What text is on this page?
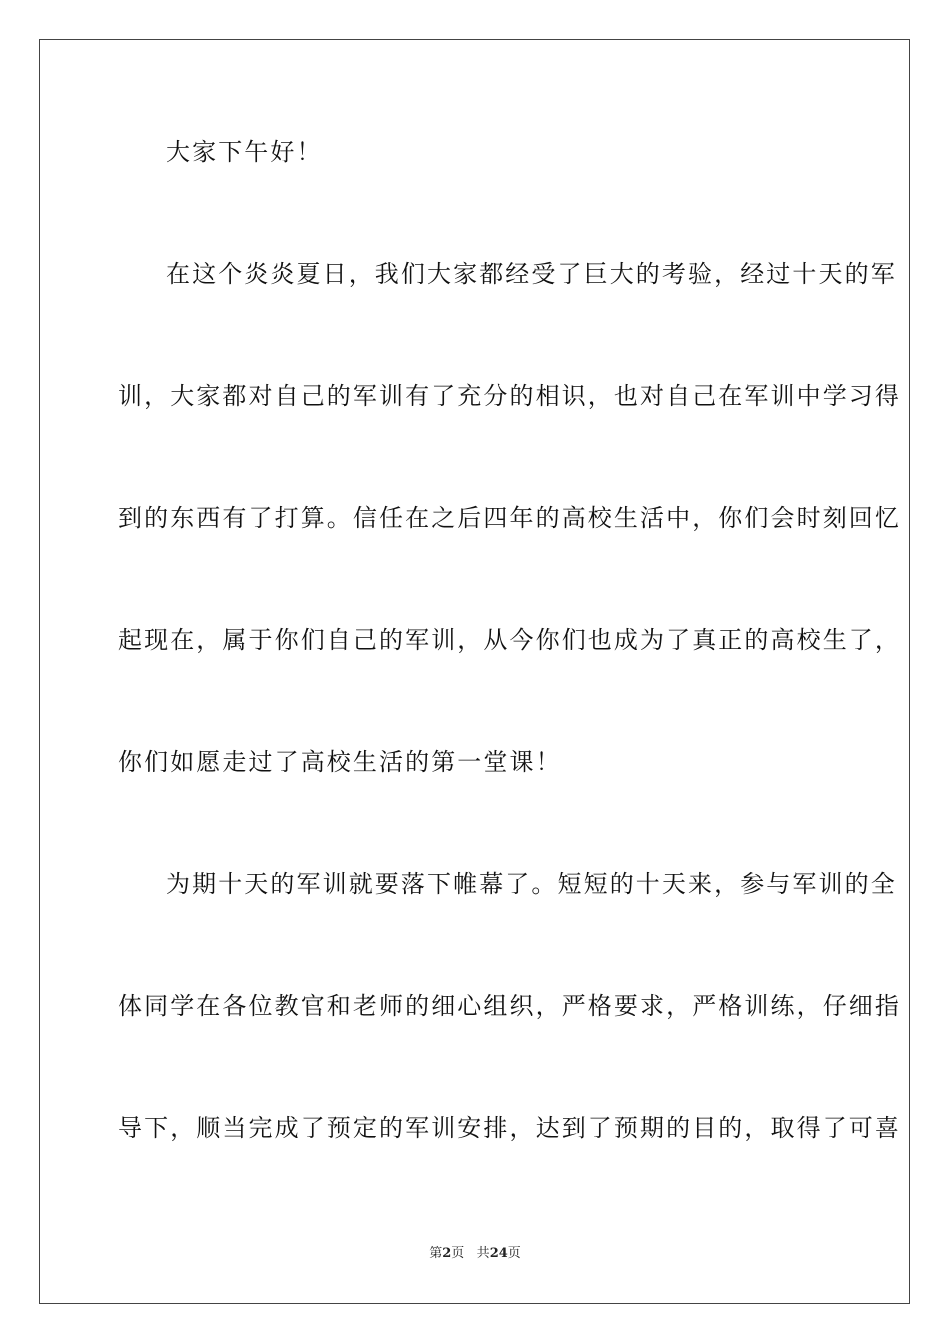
大家下午好！
在这个炎炎夏日，我们大家都经受了巨大的考验，经过十天的军
训，大家都对自己的军训有了充分的相识，也对自己在军训中学习得
到的东西有了打算。信任在之后四年的高校生活中，你们会时刻回忆
起现在，属于你们自己的军训，从今你们也成为了真正的高校生了，
你们如愿走过了高校生活的第一堂课！
为期十天的军训就要落下帷幕了。短短的十天来，参与军训的全
体同学在各位教官和老师的细心组织，严格要求，严格训练，仔细指
导下，顺当完成了预定的军训安排，达到了预期的目的，取得了可喜
第2页 共24页
